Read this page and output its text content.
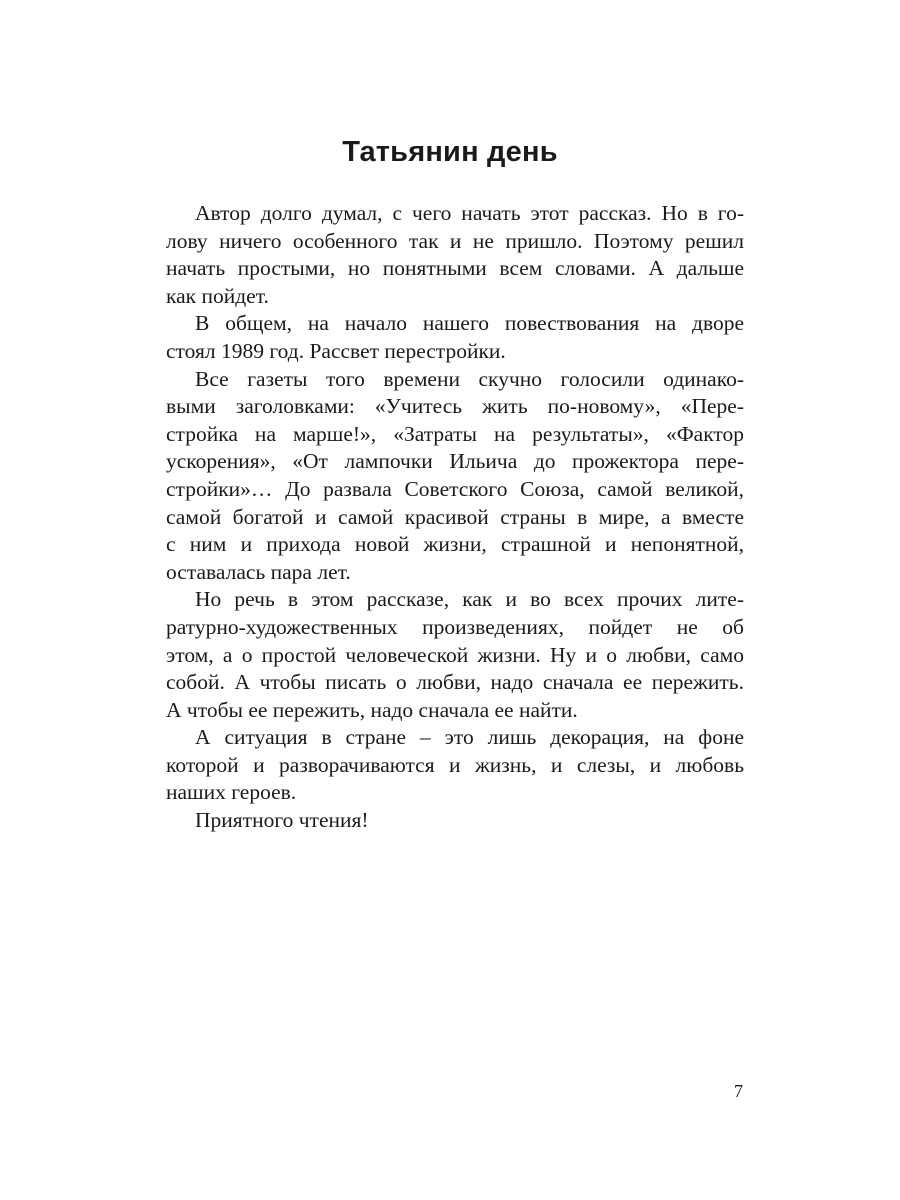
Татьянин день

Автор долго думал, с чего начать этот рассказ. Но в го-
лову ничего особенного так и не пришло. Поэтому решил
начать простыми, но понятными всем словами. А дальше
как пойдет.

В общем, на начало нашего повествования на дворе
стоял 1989 год. Рассвет перестройки.

Все газеты того времени скучно голосили одинако-
выми заголовками: «Учитесь жить по-новому», «Пере-
стройка на марше!», «Затраты на результаты», «Фактор
ускорения», «От лампочки Ильича до прожектора пере-
стройки»… До развала Советского Союза, самой великой,
самой богатой и самой красивой страны в мире, а вместе
с ним и прихода новой жизни, страшной и непонятной,
оставалась пара лет.

Но речь в этом рассказе, как и во всех прочих лите-
ратурно-художественных произведениях, пойдет не об
этом, а о простой человеческой жизни. Ну и о любви, само
собой. А чтобы писать о любви, надо сначала ее пережить.
А чтобы ее пережить, надо сначала ее найти.

А ситуация в стране – это лишь декорация, на фоне
которой и разворачиваются и жизнь, и слезы, и любовь
наших героев.

Приятного чтения!

7
